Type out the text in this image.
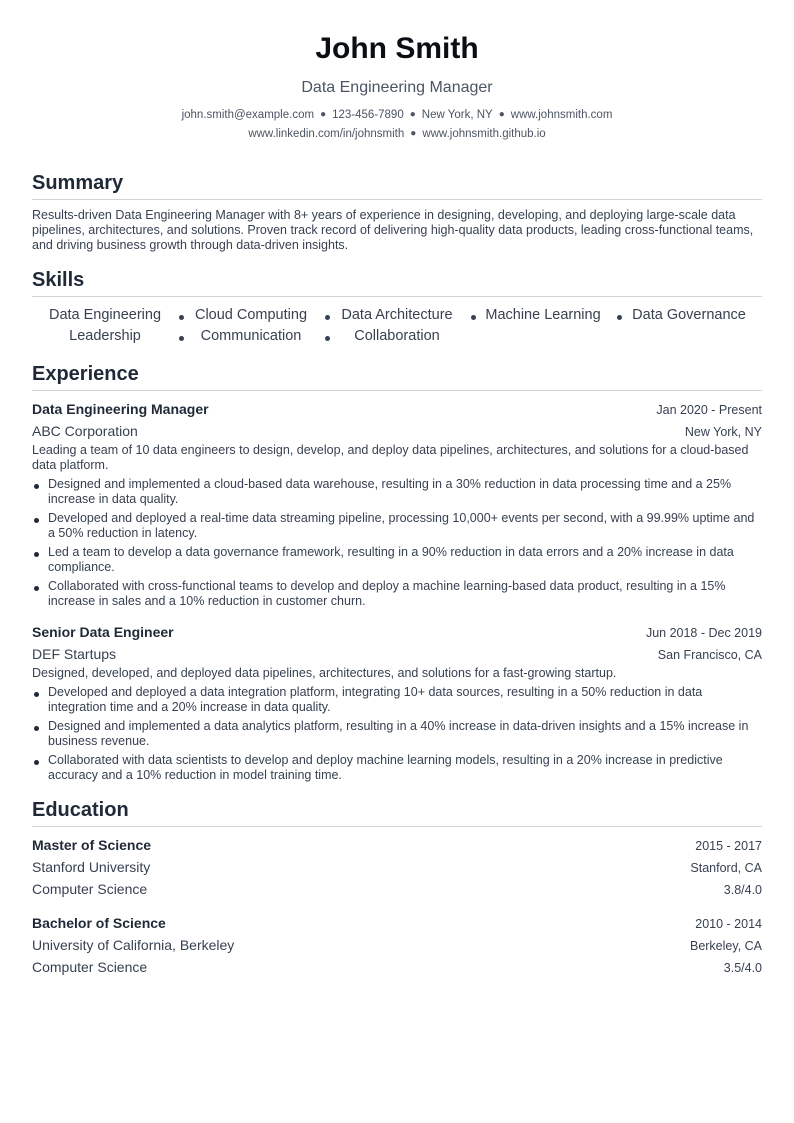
John Smith
Data Engineering Manager
john.smith@example.com ● 123-456-7890 ● New York, NY ● www.johnsmith.com
www.linkedin.com/in/johnsmith ● www.johnsmith.github.io
Summary
Results-driven Data Engineering Manager with 8+ years of experience in designing, developing, and deploying large-scale data pipelines, architectures, and solutions. Proven track record of delivering high-quality data products, leading cross-functional teams, and driving business growth through data-driven insights.
Skills
Data Engineering	Cloud Computing	Data Architecture	Machine Learning	Data Governance
Leadership	Communication	Collaboration
Experience
Data Engineering Manager	Jan 2020 - Present
ABC Corporation	New York, NY
Leading a team of 10 data engineers to design, develop, and deploy data pipelines, architectures, and solutions for a cloud-based data platform.
Designed and implemented a cloud-based data warehouse, resulting in a 30% reduction in data processing time and a 25% increase in data quality.
Developed and deployed a real-time data streaming pipeline, processing 10,000+ events per second, with a 99.99% uptime and a 50% reduction in latency.
Led a team to develop a data governance framework, resulting in a 90% reduction in data errors and a 20% increase in data compliance.
Collaborated with cross-functional teams to develop and deploy a machine learning-based data product, resulting in a 15% increase in sales and a 10% reduction in customer churn.
Senior Data Engineer	Jun 2018 - Dec 2019
DEF Startups	San Francisco, CA
Designed, developed, and deployed data pipelines, architectures, and solutions for a fast-growing startup.
Developed and deployed a data integration platform, integrating 10+ data sources, resulting in a 50% reduction in data integration time and a 20% increase in data quality.
Designed and implemented a data analytics platform, resulting in a 40% increase in data-driven insights and a 15% increase in business revenue.
Collaborated with data scientists to develop and deploy machine learning models, resulting in a 20% increase in predictive accuracy and a 10% reduction in model training time.
Education
Master of Science	2015 - 2017
Stanford University	Stanford, CA
Computer Science	3.8/4.0
Bachelor of Science	2010 - 2014
University of California, Berkeley	Berkeley, CA
Computer Science	3.5/4.0
